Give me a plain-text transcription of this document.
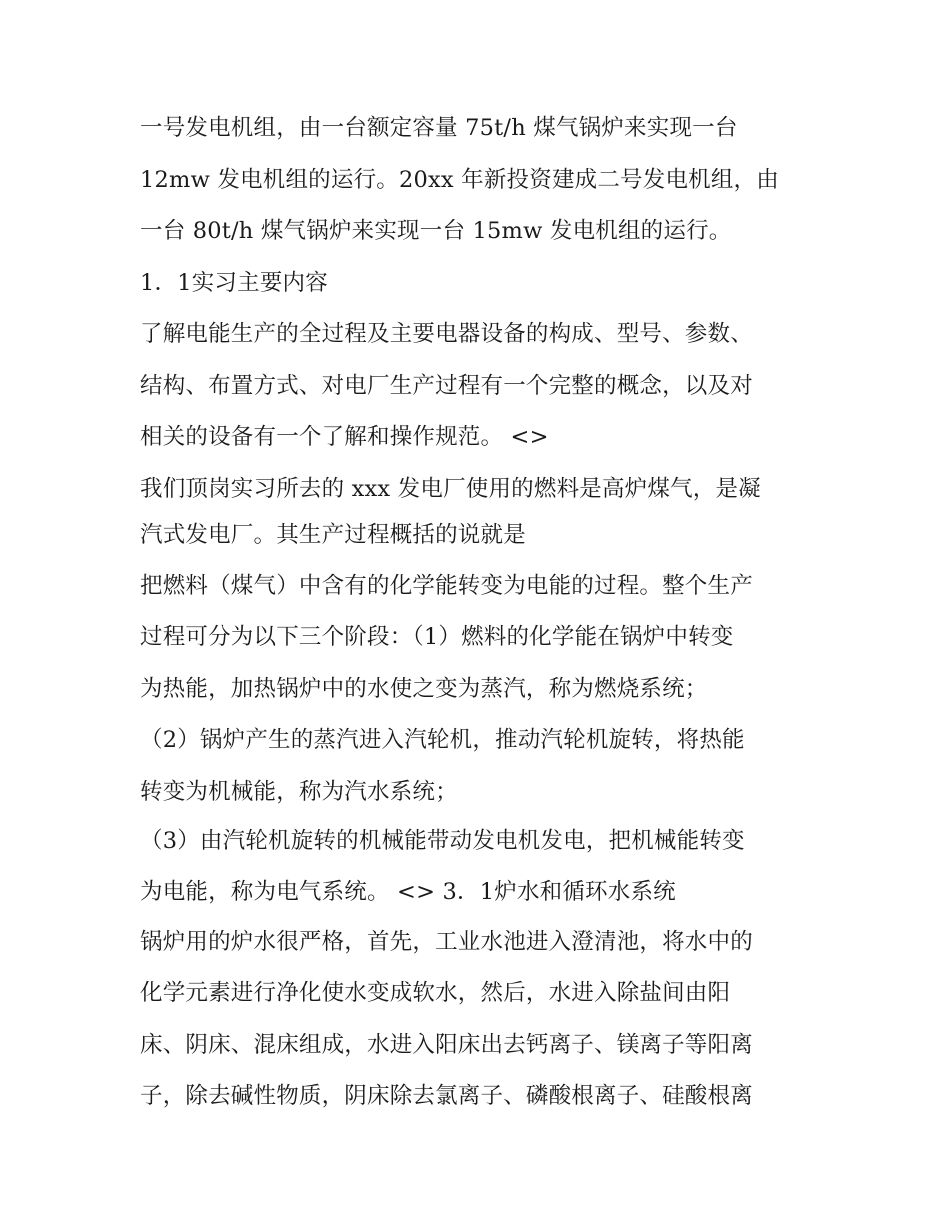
一号发电机组，由一台额定容量 75t/h 煤气锅炉来实现一台
12mw 发电机组的运行。20xx 年新投资建成二号发电机组，由
一台 80t/h 煤气锅炉来实现一台 15mw 发电机组的运行。
1．1实习主要内容
了解电能生产的全过程及主要电器设备的构成、型号、参数、
结构、布置方式、对电厂生产过程有一个完整的概念，以及对
相关的设备有一个了解和操作规范。 <>
我们顶岗实习所去的 xxx 发电厂使用的燃料是高炉煤气，是凝
汽式发电厂。其生产过程概括的说就是
把燃料（煤气）中含有的化学能转变为电能的过程。整个生产
过程可分为以下三个阶段：（1）燃料的化学能在锅炉中转变
为热能，加热锅炉中的水使之变为蒸汽，称为燃烧系统；
（2）锅炉产生的蒸汽进入汽轮机，推动汽轮机旋转，将热能
转变为机械能，称为汽水系统；
（3）由汽轮机旋转的机械能带动发电机发电，把机械能转变
为电能，称为电气系统。 <> 3．1炉水和循环水系统
锅炉用的炉水很严格，首先，工业水池进入澄清池，将水中的
化学元素进行净化使水变成软水，然后，水进入除盐间由阳
床、阴床、混床组成，水进入阳床出去钙离子、镁离子等阳离
子，除去碱性物质，阴床除去氯离子、磷酸根离子、硅酸根离
